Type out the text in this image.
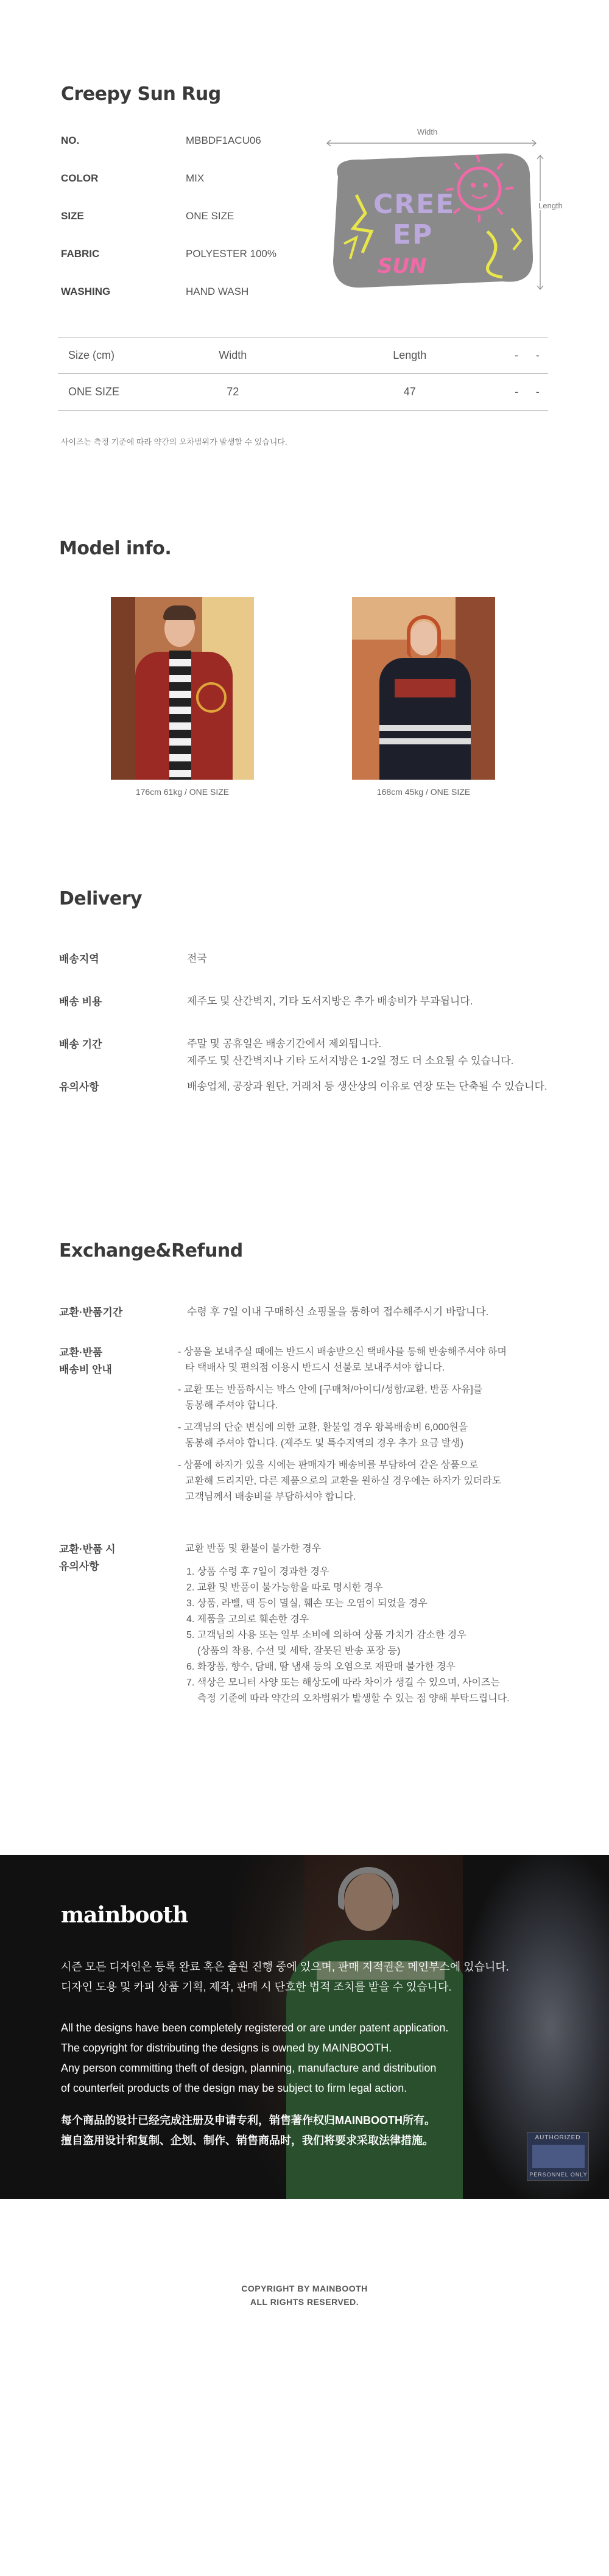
Creepy Sun Rug
NO.	MBBDF1ACU06
COLOR	MIX
SIZE	ONE SIZE
FABRIC	POLYESTER 100%
WASHING	HAND WASH
CREE
EP
SUN
Width
Length
Size (cm)	Width	Length	-	-
ONE SIZE	72	47	-	-
사이즈는 측정 기준에 따라 약간의 오차범위가 발생할 수 있습니다.
Model info.
176cm 61kg / ONE SIZE	168cm 45kg / ONE SIZE
Delivery
배송지역	전국
배송 비용	제주도 및 산간벽지, 기타 도서지방은 추가 배송비가 부과됩니다.
배송 기간	주말 및 공휴일은 배송기간에서 제외됩니다.
제주도 및 산간벽지나 기타 도서지방은 1-2일 정도 더 소요될 수 있습니다.
유의사항	배송업체, 공장과 원단, 거래처 등 생산상의 이유로 연장 또는 단축될 수 있습니다.
Exchange&Refund
교환·반품기간	수령 후 7일 이내 구매하신 쇼핑몰을 통하여 접수해주시기 바랍니다.
교환·반품
배송비 안내
- 상품을 보내주실 때에는 반드시 배송받으신 택배사를 통해 반송해주셔야 하며
타 택배사 및 편의점 이용시 반드시 선불로 보내주셔야 합니다.
- 교환 또는 반품하시는 박스 안에 [구매처/아이디/성함/교환, 반품 사유]를
동봉해 주셔야 합니다.
- 고객님의 단순 변심에 의한 교환, 환불일 경우 왕복배송비 6,000원을
동봉해 주셔야 합니다. (제주도 및 특수지역의 경우 추가 요금 발생)
- 상품에 하자가 있을 시에는 판매자가 배송비를 부담하여 같은 상품으로
교환해 드리지만, 다른 제품으로의 교환을 원하실 경우에는 하자가 있더라도
고객님께서 배송비를 부담하셔야 합니다.
교환·반품 시
유의사항
교환 반품 및 환불이 불가한 경우
1. 상품 수령 후 7일이 경과한 경우
2. 교환 및 반품이 불가능함을 따로 명시한 경우
3. 상품, 라벨, 택 등이 멸실, 훼손 또는 오염이 되었을 경우
4. 제품을 고의로 훼손한 경우
5. 고객님의 사용 또는 일부 소비에 의하여 상품 가치가 감소한 경우
(상품의 착용, 수선 및 세탁, 잘못된 반송 포장 등)
6. 화장품, 향수, 담배, 땀 냄새 등의 오염으로 재판매 불가한 경우
7. 색상은 모니터 사양 또는 해상도에 따라 차이가 생길 수 있으며, 사이즈는
측정 기준에 따라 약간의 오차범위가 발생할 수 있는 점 양해 부탁드립니다.
mainbooth
시즌 모든 디자인은 등록 완료 혹은 출원 진행 중에 있으며, 판매 지적권은 메인부스에 있습니다.
디자인 도용 및 카피 상품 기획, 제작, 판매 시 단호한 법적 조치를 받을 수 있습니다.
All the designs have been completely registered or are under patent application.
The copyright for distributing the designs is owned by MAINBOOTH.
Any person committing theft of design, planning, manufacture and distribution
of counterfeit products of the design may be subject to firm legal action.
每个商品的设计已经完成注册及申请专利，销售著作权归MAINBOOTH所有。
擅自盗用设计和复制、企划、制作、销售商品时，我们将要求采取法律措施。	AUTHORIZED
PERSONNEL ONLY
COPYRIGHT BY MAINBOOTH
ALL RIGHTS RESERVED.
